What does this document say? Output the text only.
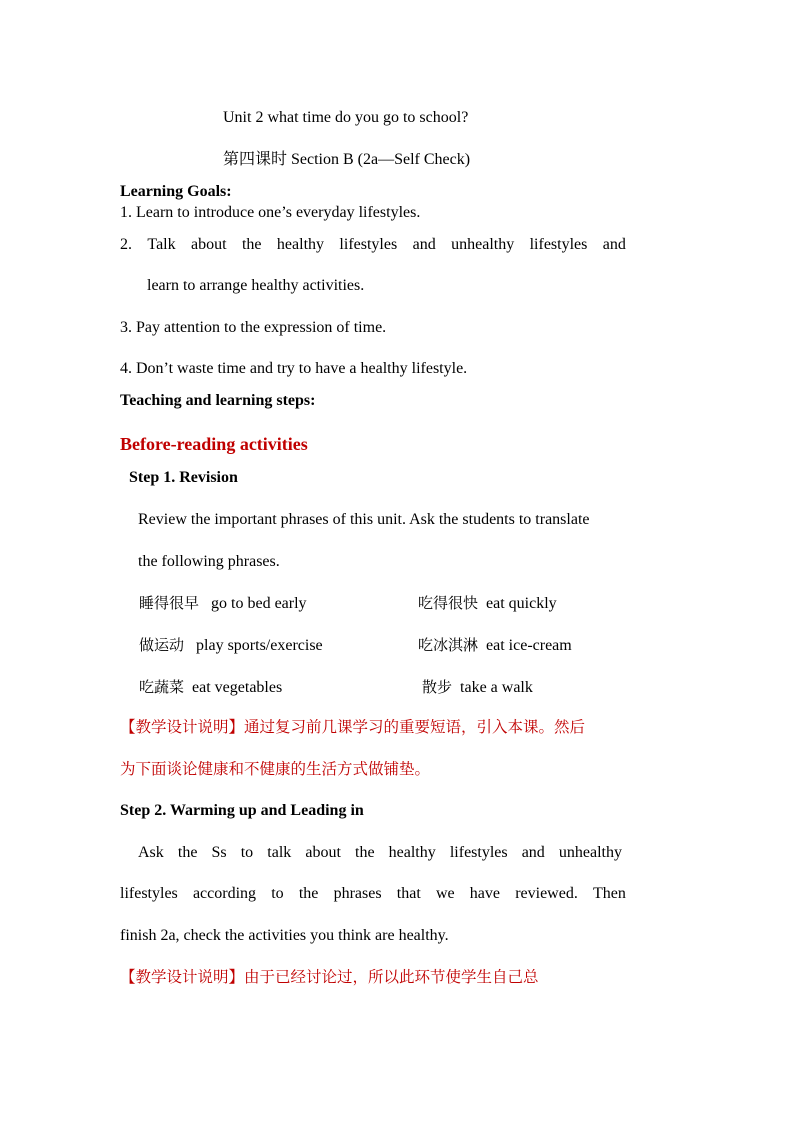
Unit 2 what time do you go to school?
第四课时 Section B (2a—Self Check)
Learning Goals:
1. Learn to introduce one’s everyday lifestyles.
2. Talk about the healthy lifestyles and unhealthy lifestyles and
learn to arrange healthy activities.
3. Pay attention to the expression of time.
4. Don’t waste time and try to have a healthy lifestyle.
Teaching and learning steps:
Before-reading activities
Step 1. Revision
Review the important phrases of this unit. Ask the students to translate
the following phrases.
睡得很早 go to bed early	吃得很快 eat quickly
做运动 play sports/exercise	吃冰淇淋 eat ice-cream
吃蔬菜 eat vegetables	散步 take a walk
【教学设计说明】通过复习前几课学习的重要短语，引入本课。然后
为下面谈论健康和不健康的生活方式做铺垫。
Step 2. Warming up and Leading in
Ask the Ss to talk about the healthy lifestyles and unhealthy
lifestyles according to the phrases that we have reviewed. Then
finish 2a, check the activities you think are healthy.
【教学设计说明】由于已经讨论过，所以此环节使学生自己总
